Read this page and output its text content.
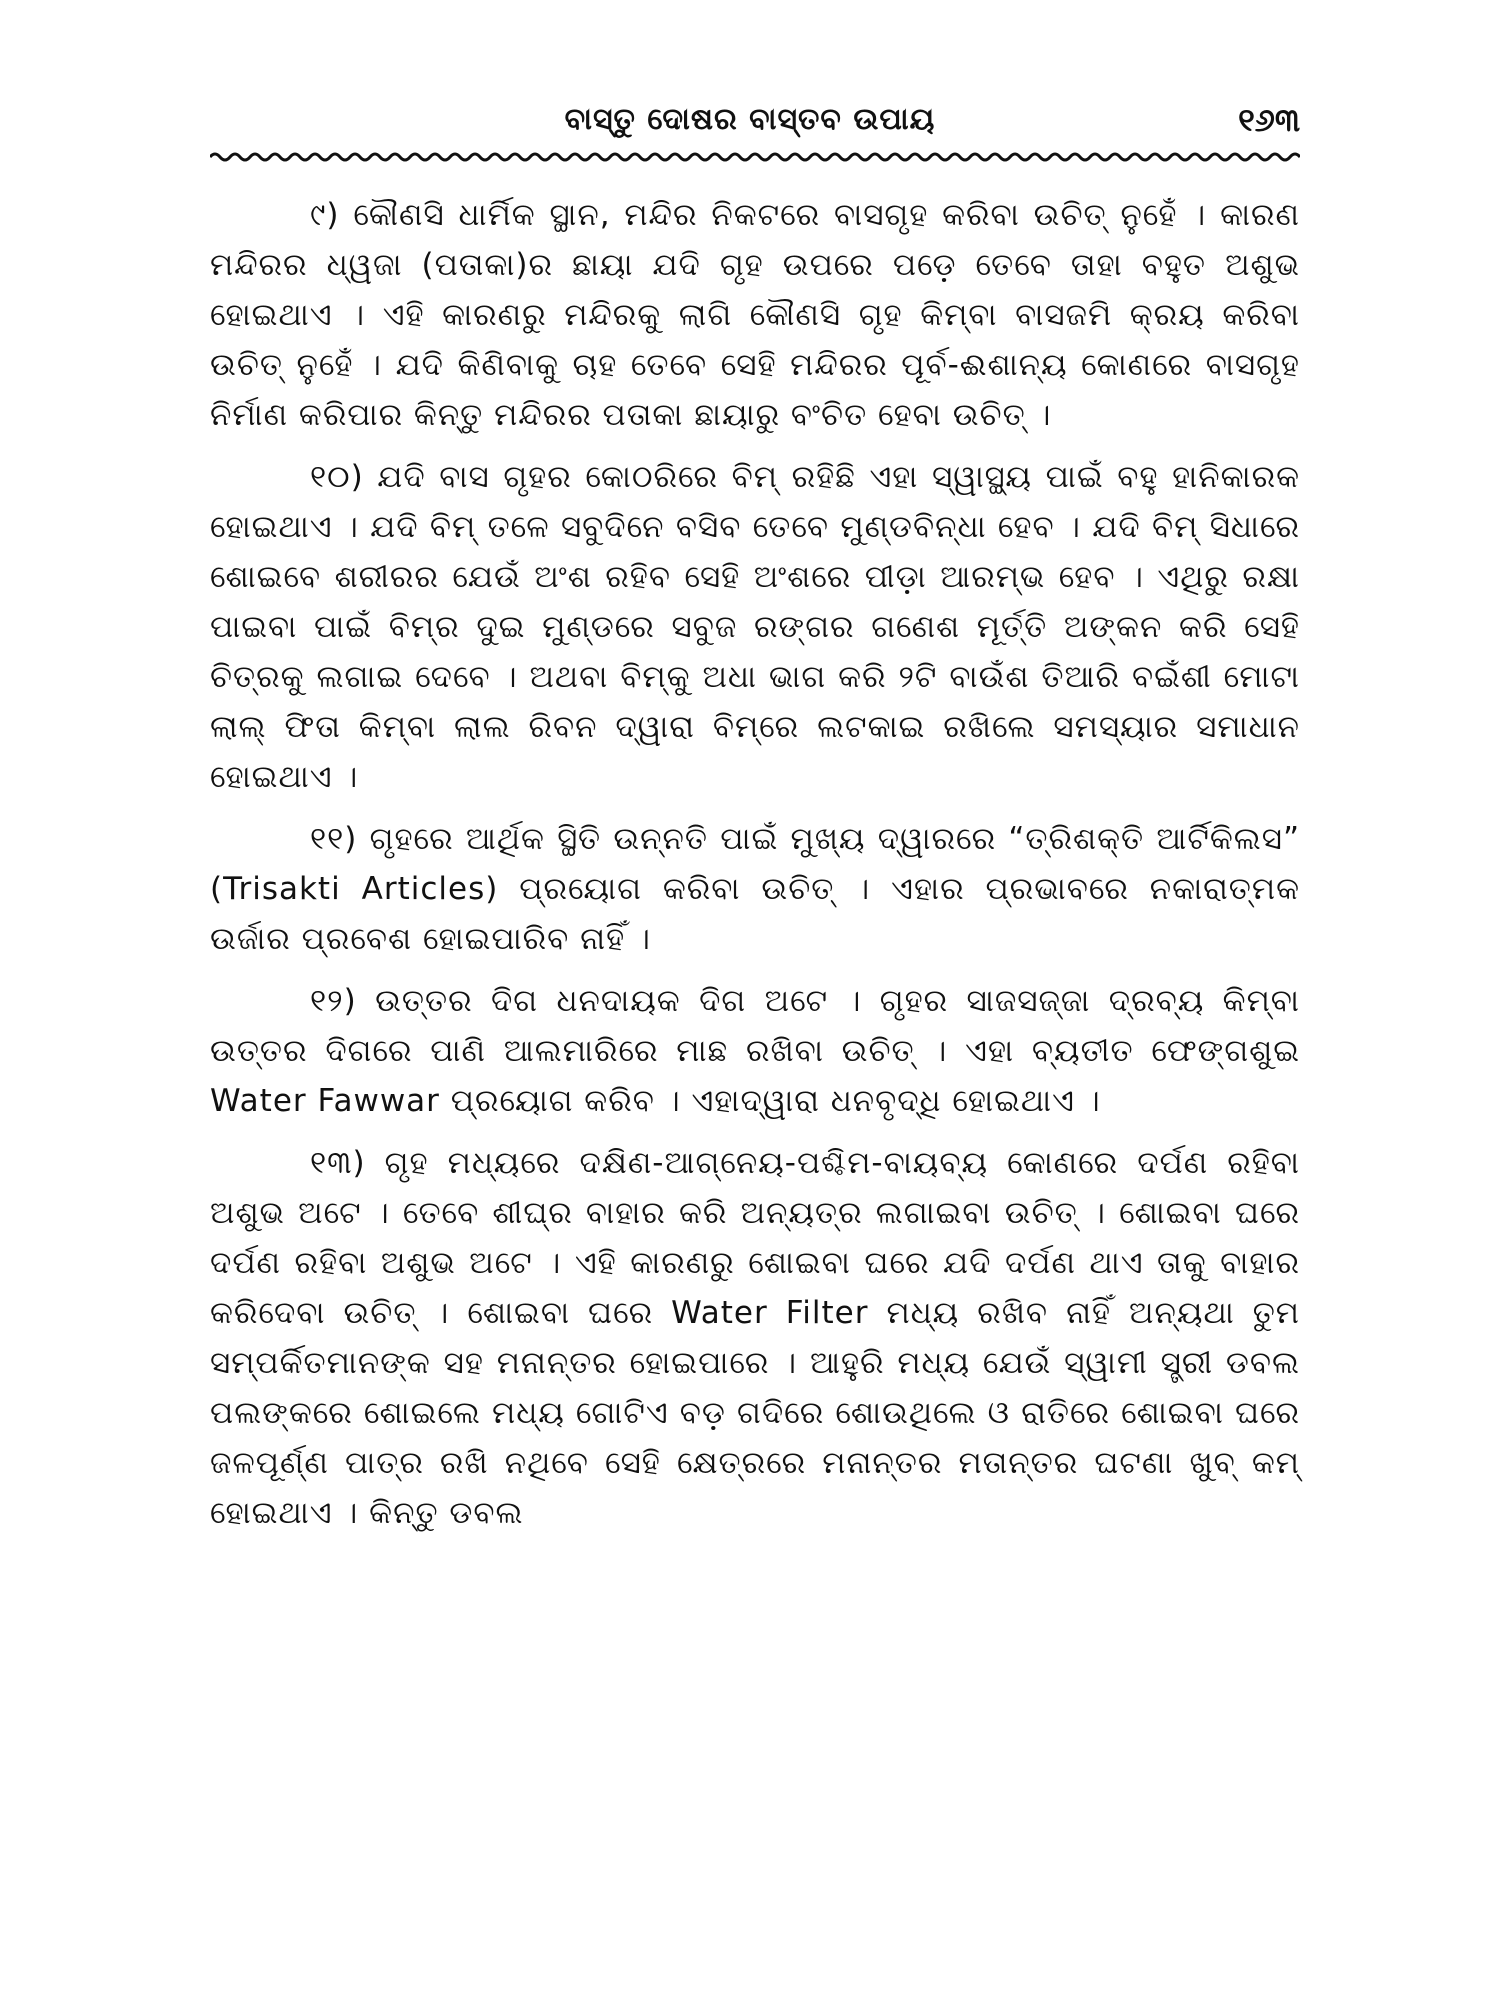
ବାସ୍ତୁ ଦୋଷର ବାସ୍ତବ ଉପାୟ	୧୬୩

୯) କୌଣସି ଧାର୍ମିକ ସ୍ଥାନ, ମନ୍ଦିର ନିକଟରେ ବାସଗୃହ କରିବା ଉଚିତ୍ ନୁହେଁ । କାରଣ ମନ୍ଦିରର ଧ୍ୱଜା (ପତାକା)ର ଛାୟା ଯଦି ଗୃହ ଉପରେ ପଡ଼େ ତେବେ ତାହା ବହୁତ ଅଶୁଭ ହୋଇଥାଏ । ଏହି କାରଣରୁ ମନ୍ଦିରକୁ ଲାଗି କୌଣସି ଗୃହ କିମ୍ବା ବାସଜମି କ୍ରୟ କରିବା ଉଚିତ୍ ନୁହେଁ । ଯଦି କିଣିବାକୁ ଚାହ ତେବେ ସେହି ମନ୍ଦିରର ପୂର୍ବ-ଈଶାନ୍ୟ କୋଣରେ ବାସଗୃହ ନିର୍ମାଣ କରିପାର କିନ୍ତୁ ମନ୍ଦିରର ପତାକା ଛାୟାରୁ ବଂଚିତ ହେବା ଉଚିତ୍ ।

୧୦) ଯଦି ବାସ ଗୃହର କୋଠରିରେ ବିମ୍ ରହିଛି ଏହା ସ୍ୱାସ୍ଥ୍ୟ ପାଇଁ ବହୁ ହାନିକାରକ ହୋଇଥାଏ । ଯଦି ବିମ୍ ତଳେ ସବୁଦିନେ ବସିବ ତେବେ ମୁଣ୍ଡବିନ୍ଧା ହେବ । ଯଦି ବିମ୍ ସିଧାରେ ଶୋଇବେ ଶରୀରର ଯେଉଁ ଅଂଶ ରହିବ ସେହି ଅଂଶରେ ପୀଡ଼ା ଆରମ୍ଭ ହେବ । ଏଥିରୁ ରକ୍ଷା ପାଇବା ପାଇଁ ବିମ୍‌ର ଦୁଇ ମୁଣ୍ଡରେ ସବୁଜ ରଙ୍ଗର ଗଣେଶ ମୂର୍ତ୍ତି ଅଙ୍କନ କରି ସେହି ଚିତ୍ରକୁ ଲଗାଇ ଦେବେ । ଅଥବା ବିମ୍‌କୁ ଅଧା ଭାଗ କରି ୨ଟି ବାଉଁଶ ତିଆରି ବଇଁଶୀ ମୋଟା ଲାଲ୍ ଫିତା କିମ୍ବା ଲାଲ ରିବନ ଦ୍ୱାରା ବିମ୍‌ରେ ଲଟକାଇ ରଖିଲେ ସମସ୍ୟାର ସମାଧାନ ହୋଇଥାଏ ।

୧୧) ଗୃହରେ ଆର୍ଥିକ ସ୍ଥିତି ଉନ୍ନତି ପାଇଁ ମୁଖ୍ୟ ଦ୍ୱାରରେ “ତ୍ରିଶକ୍ତି ଆର୍ଟିକିଲସ” (Trisakti Articles) ପ୍ରୟୋଗ କରିବା ଉଚିତ୍ । ଏହାର ପ୍ରଭାବରେ ନକାରାତ୍ମକ ଉର୍ଜାର ପ୍ରବେଶ ହୋଇପାରିବ ନାହିଁ ।

୧୨) ଉତ୍ତର ଦିଗ ଧନଦାୟକ ଦିଗ ଅଟେ । ଗୃହର ସାଜସଜ୍ଜା ଦ୍ରବ୍ୟ କିମ୍ବା ଉତ୍ତର ଦିଗରେ ପାଣି ଆଲମାରିରେ ମାଛ ରଖିବା ଉଚିତ୍ । ଏହା ବ୍ୟତୀତ ଫେଙ୍ଗଶୁଇ Water Fawwar ପ୍ରୟୋଗ କରିବ । ଏହାଦ୍ୱାରା ଧନବୃଦ୍ଧି ହୋଇଥାଏ ।

୧୩) ଗୃହ ମଧ୍ୟରେ ଦକ୍ଷିଣ-ଆଗ୍ନେୟ-ପଶ୍ଚିମ-ବାୟବ୍ୟ କୋଣରେ ଦର୍ପଣ ରହିବା ଅଶୁଭ ଅଟେ । ତେବେ ଶୀଘ୍ର ବାହାର କରି ଅନ୍ୟତ୍ର ଲଗାଇବା ଉଚିତ୍ । ଶୋଇବା ଘରେ ଦର୍ପଣ ରହିବା ଅଶୁଭ ଅଟେ । ଏହି କାରଣରୁ ଶୋଇବା ଘରେ ଯଦି ଦର୍ପଣ ଥାଏ ତାକୁ ବାହାର କରିଦେବା ଉଚିତ୍ । ଶୋଇବା ଘରେ Water Filter ମଧ୍ୟ ରଖିବ ନାହିଁ ଅନ୍ୟଥା ତୁମ ସମ୍ପର୍କିତମାନଙ୍କ ସହ ମନାନ୍ତର ହୋଇପାରେ । ଆହୁରି ମଧ୍ୟ ଯେଉଁ ସ୍ୱାମୀ ସ୍ତ୍ରୀ ଡବଲ ପଲଙ୍କରେ ଶୋଇଲେ ମଧ୍ୟ ଗୋଟିଏ ବଡ଼ ଗଦିରେ ଶୋଉଥିଲେ ଓ ରାତିରେ ଶୋଇବା ଘରେ ଜଳପୂର୍ଣ୍ଣ ପାତ୍ର ରଖି ନଥିବେ ସେହି କ୍ଷେତ୍ରରେ ମନାନ୍ତର ମତାନ୍ତର ଘଟଣା ଖୁବ୍ କମ୍ ହୋଇଥାଏ । କିନ୍ତୁ ଡବଲ
